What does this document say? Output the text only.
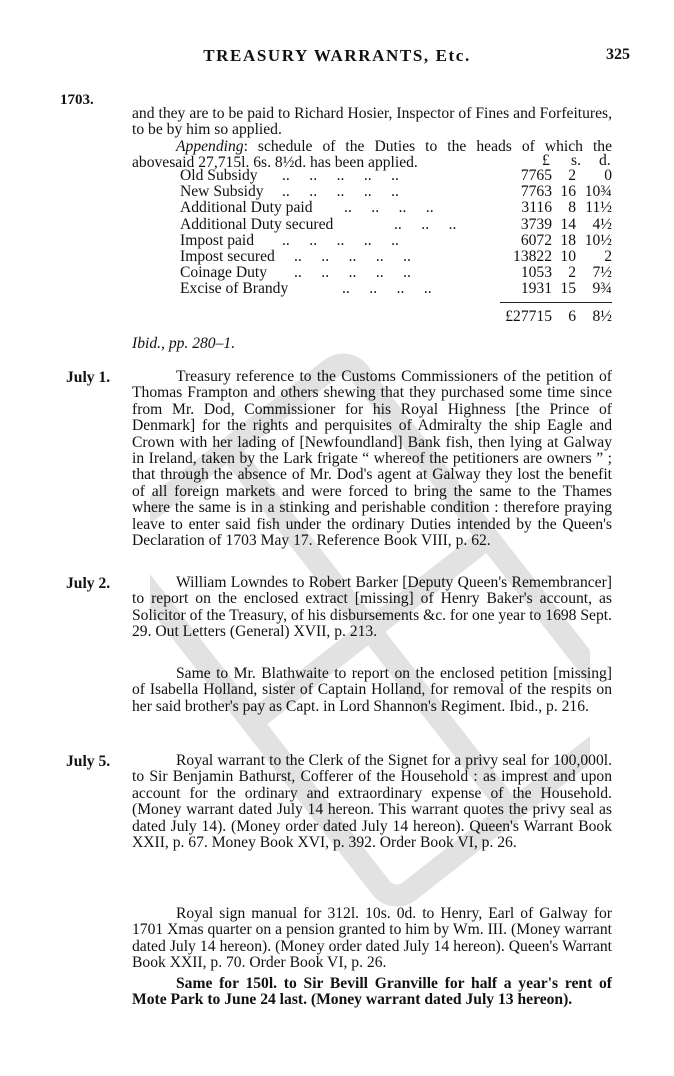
TREASURY WARRANTS, Etc.	325
1703.
and they are to be paid to Richard Hosier, Inspector of Fines and Forfeitures, to be by him so applied.
Appending: schedule of the Duties to the heads of which the abovesaid 27,715l. 6s. 8½d. has been applied.	£ s. d.
Old Subsidy ..     ..     ..     ..     ..	7765	2	0
New Subsidy ..     ..     ..     ..     ..	7763 16 10¾
Additional Duty paid ..     ..     ..     ..	3116	8 11½
Additional Duty secured	..     ..     ..	3739 14	4½
Impost paid ..     ..     ..     ..     ..	6072 18 10½
Impost secured ..     ..     ..     ..     ..	13822 10	2
Coinage Duty ..     ..     ..     ..     ..	1053	2	7½
Excise of Brandy	..     ..     ..     ..	1931 15	9¾
£27715 6 8½
Ibid., pp. 280–1.
July 1.	Treasury reference to the Customs Commissioners of the petition of Thomas Frampton and others shewing that they purchased some time since from Mr. Dod, Commissioner for his Royal Highness [the Prince of Denmark] for the rights and perquisites of Admiralty the ship Eagle and Crown with her lading of [Newfoundland] Bank fish, then lying at Galway in Ireland, taken by the Lark frigate “ whereof the petitioners are owners ” ; that through the absence of Mr. Dod's agent at Galway they lost the benefit of all foreign markets and were forced to bring the same to the Thames where the same is in a stinking and perishable condition : therefore praying leave to enter said fish under the ordinary Duties intended by the Queen's Declaration of 1703 May 17. Reference Book VIII, p. 62.
July 2.	William Lowndes to Robert Barker [Deputy Queen's Remembrancer] to report on the enclosed extract [missing] of Henry Baker's account, as Solicitor of the Treasury, of his disbursements &c. for one year to 1698 Sept. 29. Out Letters (General) XVII, p. 213.
Same to Mr. Blathwaite to report on the enclosed petition [missing] of Isabella Holland, sister of Captain Holland, for removal of the respits on her said brother's pay as Capt. in Lord Shannon's Regiment. Ibid., p. 216.
July 5.	Royal warrant to the Clerk of the Signet for a privy seal for 100,000l. to Sir Benjamin Bathurst, Cofferer of the Household : as imprest and upon account for the ordinary and extraordinary expense of the Household. (Money warrant dated July 14 hereon. This warrant quotes the privy seal as dated July 14). (Money order dated July 14 hereon). Queen's Warrant Book XXII, p. 67. Money Book XVI, p. 392. Order Book VI, p. 26.
Royal sign manual for 312l. 10s. 0d. to Henry, Earl of Galway for 1701 Xmas quarter on a pension granted to him by Wm. III. (Money warrant dated July 14 hereon). (Money order dated July 14 hereon). Queen's Warrant Book XXII, p. 70. Order Book VI, p. 26.
Same for 150l. to Sir Bevill Granville for half a year's rent of Mote Park to June 24 last. (Money warrant dated July 13 hereon).
